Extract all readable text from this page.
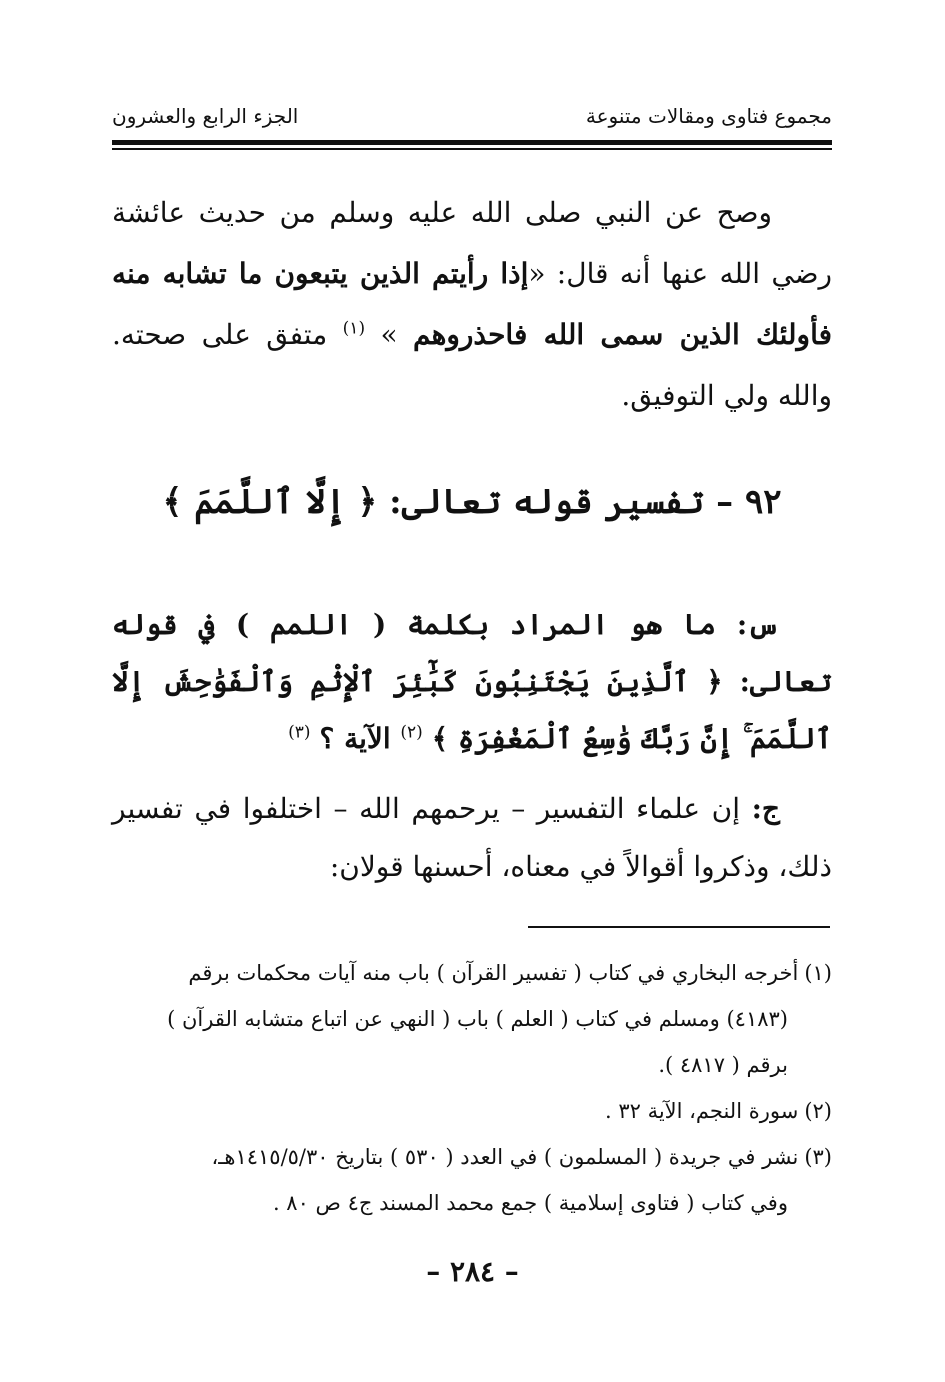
مجموع فتاوى ومقالات متنوعة
الجزء الرابع والعشرون
وصح عن النبي صلى الله عليه وسلم من حديث عائشة رضي الله عنها أنه قال: «إذا رأيتم الذين يتبعون ما تشابه منه فأولئك الذين سمى الله فاحذروهم » $^{(١)}$ متفق على صحته. والله ولي التوفيق.
٩٢ – تفسير قوله تعالى: ﴿ إِلَّا ٱللَّمَمَ ﴾
س: ما هو المراد بكلمة ( اللمم ) في قوله تعالى: ﴿ ٱلَّذِينَ يَجْتَنِبُونَ كَبَٰٓئِرَ ٱلْإِثْمِ وَٱلْفَوَٰحِشَ إِلَّا ٱللَّمَمَ ۚ إِنَّ رَبَّكَ وَٰسِعُ ٱلْمَغْفِرَةِ ﴾ $^{(٢)}$ الآية ؟ $^{(٣)}$
ج: إن علماء التفسير – يرحمهم الله – اختلفوا في تفسير ذلك، وذكروا أقوالاً في معناه، أحسنها قولان:
(١)أخرجه البخاري في كتاب ( تفسير القرآن ) باب منه آيات محكمات برقم
(٤١٨٣) ومسلم في كتاب ( العلم ) باب ( النهي عن اتباع متشابه القرآن )
برقم ( ٤٨١٧ ).
(٢)سورة النجم، الآية ٣٢ .
(٣)نشر في جريدة ( المسلمون ) في العدد ( ٥٣٠ ) بتاريخ ١٤١٥/٥/٣٠هـ،
وفي كتاب ( فتاوى إسلامية ) جمع محمد المسند ج٤ ص ٨٠ .
– ٢٨٤ –
